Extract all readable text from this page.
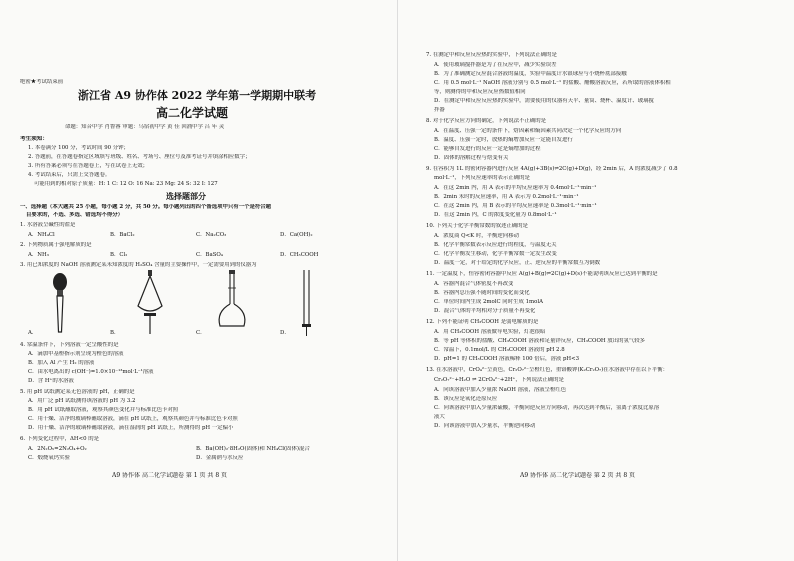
绝密★考试结束前
浙江省 A9 协作体 2022 学年第一学期期中联考
高二化学试题
命题：知音中学 肖鲁睿 审题：乌宿初中学 黄 佳 回浦中学 吕 年 灵
考生须知：
1. 本卷满分 100 分，考试时间 90 分钟；
2. 答题前，在答题卷指定区域填写班级、姓名、考场号、座位号及准考证号并填涂相应数字；
3. 所有答案必须写在答题卷上，写在试卷上无效；
4. 考试结束后，只需上交答题卷。
可能用到的相对原子质量：H: 1 C: 12 O: 16 Na: 23 Mg: 24 S: 32 I: 127
选择题部分
一、选择题（本大题共 25 小题，每小题 2 分，共 50 分。每小题列出的四个备选项中只有一个是符合题
目要求的，不选、多选、错选均不得分）
1. 水溶液呈碱性的盐是
A．NH₄Cl	B．BaCl₂	C．Na₂CO₃	D．Ca(OH)₂
2. 下列物质属于强电解质的是
A．NH₃	B．Cl₂	C．BaSO₄	D．CH₃COOH
3. 用已知浓度的 NaOH 溶液测定某未知浓度的 H₂SO₄ 含量的主要操作中，一定需要用到的仪器为
A．	B．	C．	D．
4. 常温条件下，下列溶液一定呈酸性的是
A．滴加甲基橙指示剂呈现为橙色的溶液
B．加入 Al 产生 H₂ 的溶液
C．由水电离出的 c(OH⁻)=1.0×10⁻¹³mol·L⁻¹溶液
D．含 H⁺的水溶液
5. 用 pH 试纸测定某无色溶液的 pH，正确的是
A．用广泛 pH 试纸测得该溶液的 pH 为 3.2
B．用 pH 试纸蘸取溶液，观察其颜色变化并与标准比色卡对照
C．用干燥、洁净的玻璃棒蘸取溶液，滴在 pH 试纸上，观察其颜色并与标准比色卡对照
D．用干燥、洁净的玻璃棒蘸取溶液，滴在湿润的 pH 试纸上，所测得的 pH 一定偏小
6. 下列变化过程中，ΔH<0 的是
A．2N₂O₅=2N₂O₄+O₂	B．Ba(OH)₂·8H₂O(固体)和 NH₄Cl(固体)混合
C．煅烧氧钙实验	D．金属钠与水反应
A9 协作体 高二化学试题卷 第 1 页 共 8 页
7. 在测定中和反应反应热的实验中，下列说法正确的是
A．使用玻璃搅拌器是为了在反应中，减少实验误差
B．为了准确测定反应混合溶液的温度，实验中温度计水银球应与小烧杯底部接触
C．用 0.5 mol·L⁻¹ NaOH 溶液分别与 0.5 mol·L⁻¹ 的盐酸、醋酸溶液反应，若所取的溶液体积相
等，则测得的中和反应反应热数值相同
D．在测定中和反应反应热的实验中，需要使用的仪器有天平、量筒、烧杯、温度计、玻璃搅
拌器
8. 对于化学反应方向的确定，下列说法不正确的是
A．在温度、压强一定的条件下，焓因素和熵因素共同决定一个化学反应的方向
B．温度、压强一定时，放热的熵增加反应一定能自发进行
C．能够自发进行的反应一定是熵增加的过程
D．固体的溶解过程与焓变有关
9. 在容积为 1L 的密闭容器内进行反应 4A(g)+3B(s)⇌2C(g)+D(g)，经 2min 后，A 的浓度减少了 0.8
mol·L⁻¹，下列反应速率的表示正确的是
A．在这 2min 内，用 A 表示的平均反应速率为 0.4mol·L⁻¹·min⁻¹
B．2min 末时的反应速率，用 A 表示为 0.2mol·L⁻¹·min⁻¹
C．在这 2min 内，用 B 表示的平均反应速率是 0.3mol·L⁻¹·min⁻¹
D．在这 2min 内，C 的浓度变化量为 0.8mol·L⁻¹
10. 下列关于化学平衡常数的叙述正确的是
A．浓度商 Q<K 时，平衡逆向移动
B．化学平衡常数表示反应进行的程度，与温度无关
C．化学平衡发生移动，化学平衡常数一定发生改变
D．温度一定，对于给定的化学反应，正、逆反应的平衡常数互为倒数
11. 一定温度下，恒容密闭容器中反应 A(g)+B(g)⇌2C(g)+D(s)不能说明该反应已达到平衡的是
A．容器内混合气体密度不再改变
B．容器内总压强不随时间的变化而变化
C．单位时间内生成 2molC 同时生成 1molA
D．混合气体的平均相对分子质量不再变化
12. 下列不能证明 CH₃COOH 是弱电解质的是
A．用 CH₃COOH 溶液做导电实验，灯泡很暗
B．等 pH 等体积的盐酸、CH₃COOH 溶液和足量锌反应，CH₃COOH 放出的氢气较多
C．常温下，0.1mol/L 的 CH₃COOH 溶液的 pH 2.8
D．pH=1 的 CH₃COOH 溶液稀释 100 倍后，溶液 pH<3
13. 在水溶液中，CrO₄²⁻呈黄色，Cr₂O₇²⁻呈橙红色，重铬酸钾(K₂Cr₂O₇)在水溶液中存在以下平衡：
Cr₂O₇²⁻+H₂O ⇌ 2CrO₄²⁻+2H⁺，下列说法正确的是
A．向该溶液中加入少量浓 NaOH 溶液，溶液呈橙红色
B．该反应是氧化还原反应
C．向该溶液中加入少量浓硫酸，平衡向逆反应方向移动，再次达到平衡后，氢离子浓度比原溶
液大
D．向该溶液中加入少量水，平衡逆向移动
A9 协作体 高二化学试题卷 第 2 页 共 8 页
